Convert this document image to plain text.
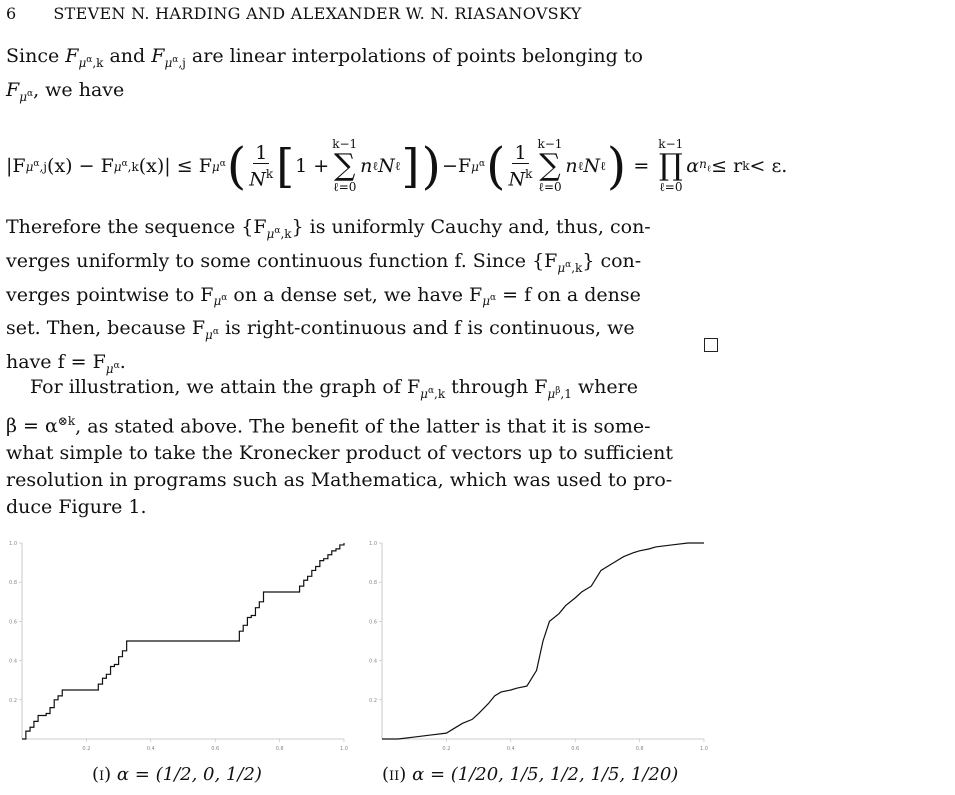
6 STEVEN N. HARDING AND ALEXANDER W. N. RIASANOVSKY
Since $F_{\mu^\alpha,k}$ and $F_{\mu^\alpha,j}$ are linear interpolations of points belonging to
$F_{\mu^\alpha}$, we have
|F $\mu^\alpha,j$ (x) − F $\mu^\alpha,k$ (x)| ≤ F $\mu^\alpha$ ( $\frac{1}{N^k}$ [ 1 +
k−1
∑
ℓ=0
n ℓ N ℓ ] ) −F $\mu^\alpha$ ( $\frac{1}{N^k} k-1$
∑
ℓ=0
n ℓ N ℓ ) =
k−1
∏
ℓ=0
α $n_\ell \le r$ k < ε.
Therefore the sequence $\{F_{\mu^\alpha,k}\}$ is uniformly Cauchy and, thus, con-
verges uniformly to some continuous function f. Since $\{F_{\mu^\alpha,k}\}$ con-
verges pointwise to $F_{\mu^\alpha}$ on a dense set, we have $F_{\mu^\alpha} = f$ on a dense
set. Then, because $F_{\mu^\alpha}$ is right-continuous and f is continuous, we
have $f = F_{\mu^\alpha}$.
For illustration, we attain the graph of $F_{\mu^\alpha,k}$ through $F_{\mu^\beta,1}$ where
$\beta = \alpha^{\otimes k}$, as stated above. The benefit of the latter is that it is some-
what simple to take the Kronecker product of vectors up to sufficient
resolution in programs such as Mathematica, which was used to pro-
duce Figure 1.
0.2	0.4	0.6	0.8	1.0
0.2
0.4
0.6
0.8
1.0
0.2	0.4	0.6	0.8	1.0
0.2
0.4
0.6
0.8
1.0
(i) α = (1/2, 0, 1/2)	(ii) α = (1/20, 1/5, 1/2, 1/5, 1/20)
